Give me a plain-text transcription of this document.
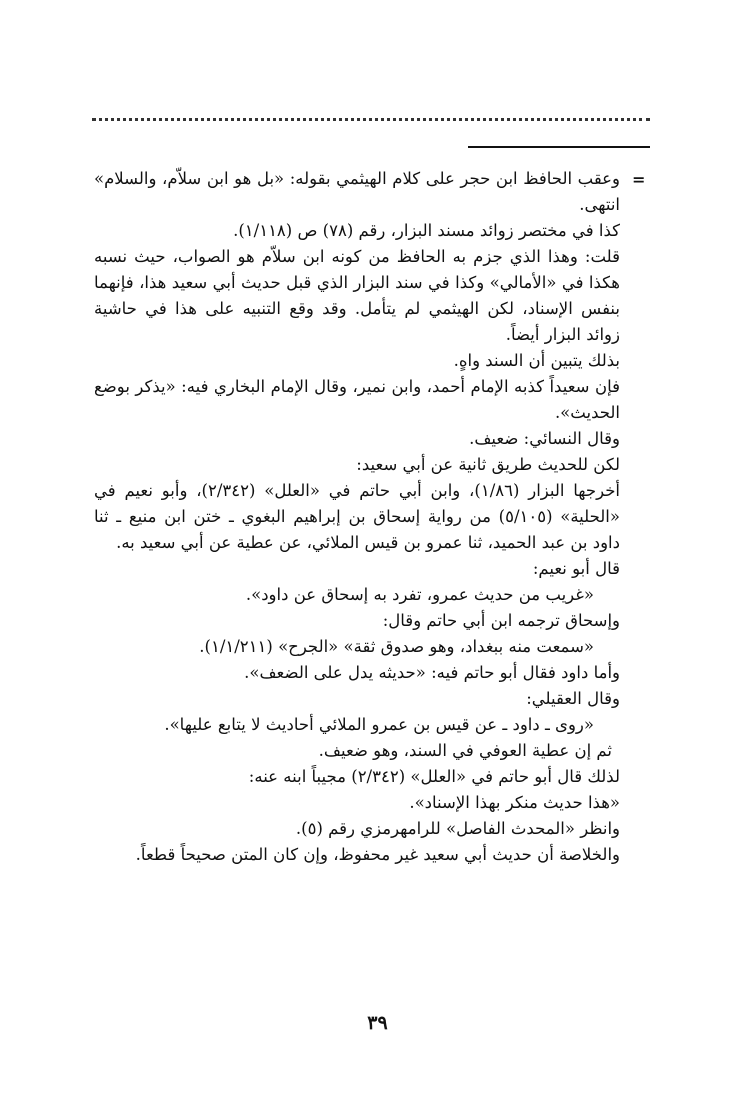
=

وعقب الحافظ ابن حجر على كلام الهيثمي بقوله: «بل هو ابن سلاّم، والسلام» انتهى.

كذا في مختصر زوائد مسند البزار، رقم (٧٨) ص (١/١١٨).

قلت: وهذا الذي جزم به الحافظ من كونه ابن سلاّم هو الصواب، حيث نسبه هكذا في «الأمالي» وكذا في سند البزار الذي قبل حديث أبي سعيد هذا، فإنهما بنفس الإسناد، لكن الهيثمي لم يتأمل. وقد وقع التنبيه على هذا في حاشية زوائد البزار أيضاً.

بذلك يتبين أن السند واهٍ.

فإن سعيداً كذبه الإمام أحمد، وابن نمير، وقال الإمام البخاري فيه: «يذكر بوضع الحديث».

وقال النسائي: ضعيف.

لكن للحديث طريق ثانية عن أبي سعيد:

أخرجها البزار (١/٨٦)، وابن أبي حاتم في «العلل» (٢/٣٤٢)، وأبو نعيم في «الحلية» (٥/١٠٥) من رواية إسحاق بن إبراهيم البغوي ـ ختن ابن منيع ـ ثنا داود بن عبد الحميد، ثنا عمرو بن قيس الملائي، عن عطية عن أبي سعيد به.

قال أبو نعيم:

«غريب من حديث عمرو، تفرد به إسحاق عن داود».

وإسحاق ترجمه ابن أبي حاتم وقال:

«سمعت منه ببغداد، وهو صدوق ثقة» «الجرح» (١/١/٢١١).

وأما داود فقال أبو حاتم فيه: «حديثه يدل على الضعف».

وقال العقيلي:

«روى ـ داود ـ عن قيس بن عمرو الملائي أحاديث لا يتابع عليها».

ثم إن عطية العوفي في السند، وهو ضعيف.

لذلك قال أبو حاتم في «العلل» (٢/٣٤٢) مجيباً ابنه عنه:

«هذا حديث منكر بهذا الإسناد».

وانظر «المحدث الفاصل» للرامهرمزي رقم (٥).

والخلاصة أن حديث أبي سعيد غير محفوظ، وإن كان المتن صحيحاً قطعاً.

٣٩
